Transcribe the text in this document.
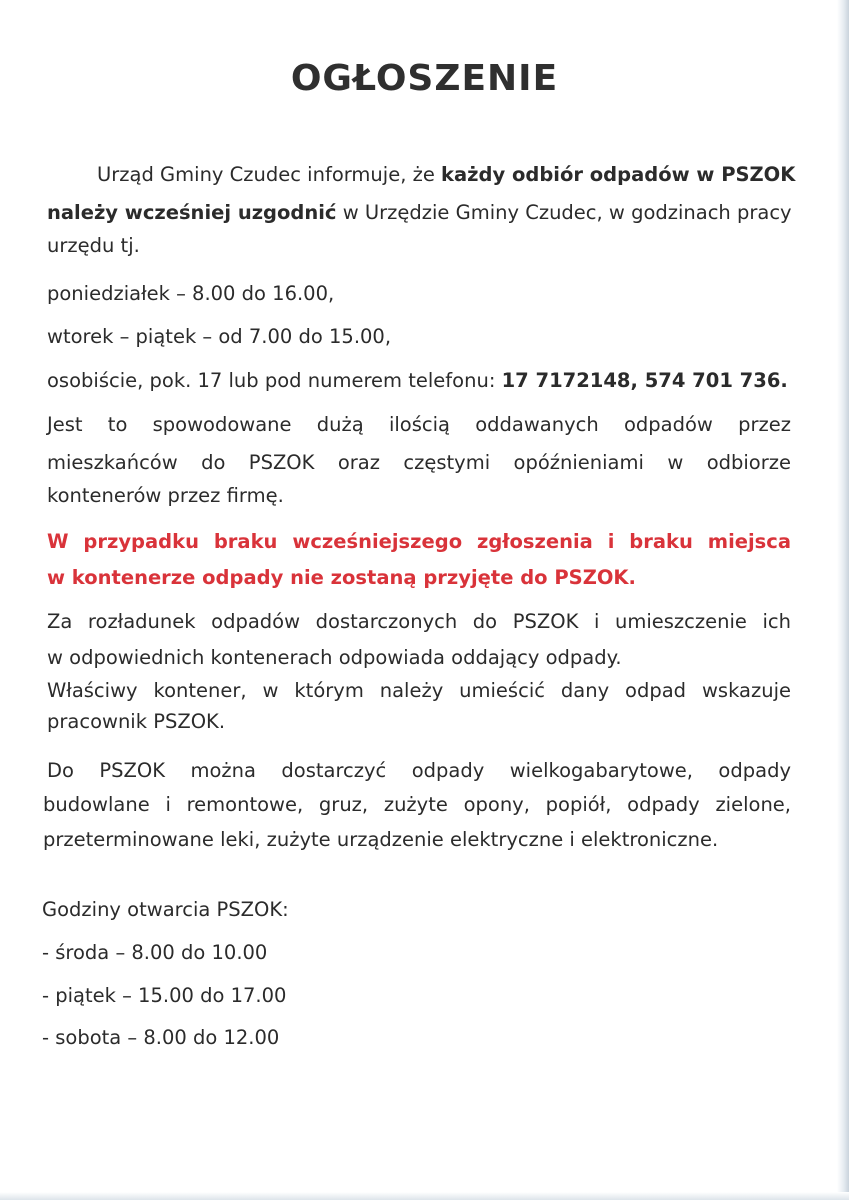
OGŁOSZENIE

Urząd Gminy Czudec informuje, że każdy odbiór odpadów w PSZOK

należy wcześniej uzgodnić w Urzędzie Gminy Czudec, w godzinach pracy

urzędu tj.

poniedziałek – 8.00 do 16.00,

wtorek – piątek – od 7.00 do 15.00,

osobiście, pok. 17 lub pod numerem telefonu: 17 7172148, 574 701 736.

Jest to spowodowane dużą ilością oddawanych odpadów przez

mieszkańców do PSZOK oraz częstymi opóźnieniami w odbiorze

kontenerów przez firmę.

W przypadku braku wcześniejszego zgłoszenia i braku miejsca

w kontenerze odpady nie zostaną przyjęte do PSZOK.

Za rozładunek odpadów dostarczonych do PSZOK i umieszczenie ich

w odpowiednich kontenerach odpowiada oddający odpady.

Właściwy kontener, w którym należy umieścić dany odpad wskazuje

pracownik PSZOK.

Do PSZOK można dostarczyć odpady wielkogabarytowe, odpady

budowlane i remontowe, gruz, zużyte opony, popiół, odpady zielone,

przeterminowane leki, zużyte urządzenie elektryczne i elektroniczne.

Godziny otwarcia PSZOK:

- środa – 8.00 do 10.00

- piątek – 15.00 do 17.00

- sobota – 8.00 do 12.00
